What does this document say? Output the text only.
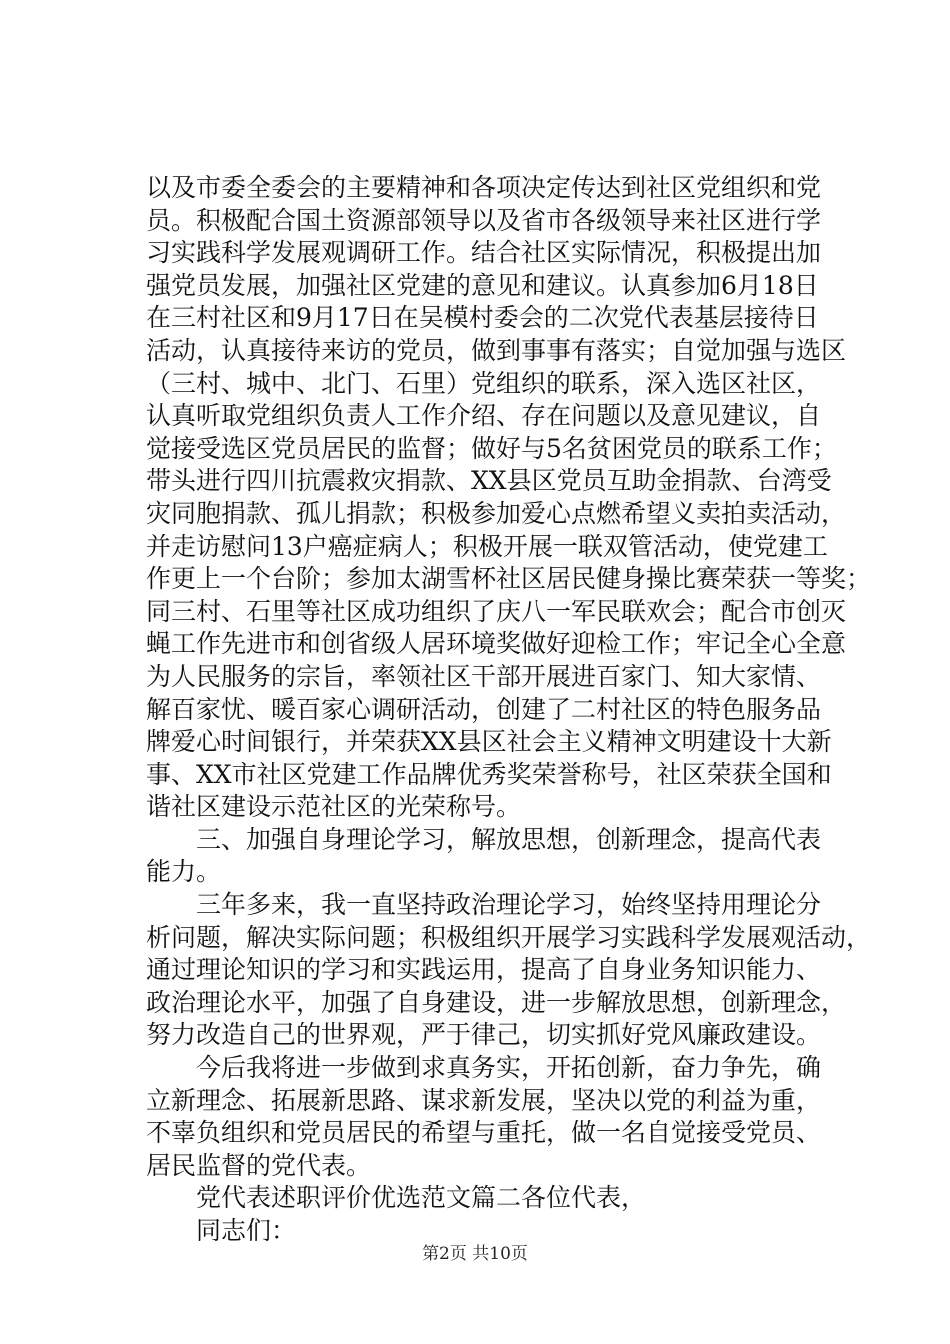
以及市委全委会的主要精神和各项决定传达到社区党组织和党
员。积极配合国土资源部领导以及省市各级领导来社区进行学
习实践科学发展观调研工作。结合社区实际情况，积极提出加
强党员发展，加强社区党建的意见和建议。认真参加6月18日
在三村社区和9月17日在吴模村委会的二次党代表基层接待日
活动，认真接待来访的党员，做到事事有落实；自觉加强与选区
（三村、城中、北门、石里）党组织的联系，深入选区社区，
认真听取党组织负责人工作介绍、存在问题以及意见建议，自
觉接受选区党员居民的监督；做好与5名贫困党员的联系工作；
带头进行四川抗震救灾捐款、XX县区党员互助金捐款、台湾受
灾同胞捐款、孤儿捐款；积极参加爱心点燃希望义卖拍卖活动，
并走访慰问13户癌症病人；积极开展一联双管活动，使党建工
作更上一个台阶；参加太湖雪杯社区居民健身操比赛荣获一等奖；
同三村、石里等社区成功组织了庆八一军民联欢会；配合市创灭
蝇工作先进市和创省级人居环境奖做好迎检工作；牢记全心全意
为人民服务的宗旨，率领社区干部开展进百家门、知大家情、
解百家忧、暖百家心调研活动，创建了二村社区的特色服务品
牌爱心时间银行，并荣获XX县区社会主义精神文明建设十大新
事、XX市社区党建工作品牌优秀奖荣誉称号，社区荣获全国和
谐社区建设示范社区的光荣称号。
三、加强自身理论学习，解放思想，创新理念，提高代表
能力。
三年多来，我一直坚持政治理论学习，始终坚持用理论分
析问题，解决实际问题；积极组织开展学习实践科学发展观活动，
通过理论知识的学习和实践运用，提高了自身业务知识能力、
政治理论水平，加强了自身建设，进一步解放思想，创新理念，
努力改造自己的世界观，严于律己，切实抓好党风廉政建设。
今后我将进一步做到求真务实，开拓创新，奋力争先，确
立新理念、拓展新思路、谋求新发展，坚决以党的利益为重，
不辜负组织和党员居民的希望与重托，做一名自觉接受党员、
居民监督的党代表。
党代表述职评价优选范文篇二各位代表，
同志们：
第2页 共10页
